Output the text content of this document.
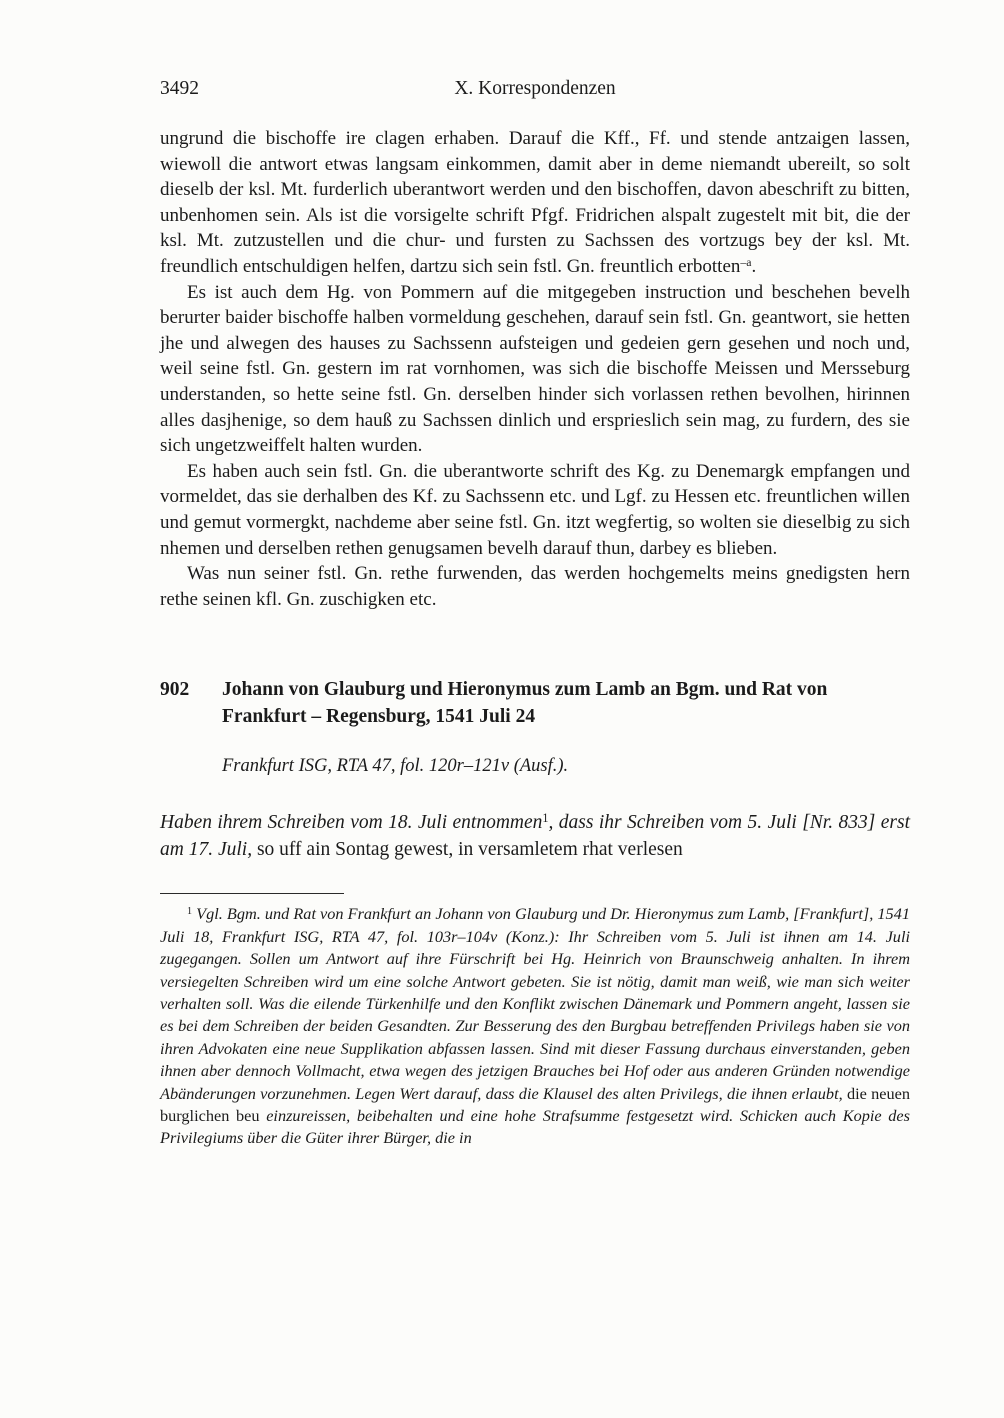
3492	X. Korrespondenzen

ungrund die bischoffe ire clagen erhaben. Darauf die Kff., Ff. und stende antzaigen lassen, wiewoll die antwort etwas langsam einkommen, damit aber in deme niemandt ubereilt, so solt dieselb der ksl. Mt. furderlich uberantwort werden und den bischoffen, davon abeschrift zu bitten, unbenhomen sein. Als ist die vorsigelte schrift Pfgf. Fridrichen alspalt zugestelt mit bit, die der ksl. Mt. zutzustellen und die chur- und fursten zu Sachssen des vortzugs bey der ksl. Mt. freundlich entschuldigen helfen, dartzu sich sein fstl. Gn. freuntlich erbotten$^{-a}$.

Es ist auch dem Hg. von Pommern auf die mitgegeben instruction und beschehen bevelh berurter baider bischoffe halben vormeldung geschehen, darauf sein fstl. Gn. geantwort, sie hetten jhe und alwegen des hauses zu Sachssenn aufsteigen und gedeien gern gesehen und noch und, weil seine fstl. Gn. gestern im rat vornhomen, was sich die bischoffe Meissen und Mersseburg understanden, so hette seine fstl. Gn. derselben hinder sich vorlassen rethen bevolhen, hirinnen alles dasjhenige, so dem hauß zu Sachssen dinlich und ersprieslich sein mag, zu furdern, des sie sich ungetzweiffelt halten wurden.

Es haben auch sein fstl. Gn. die uberantworte schrift des Kg. zu Denemargk empfangen und vormeldet, das sie derhalben des Kf. zu Sachssenn etc. und Lgf. zu Hessen etc. freuntlichen willen und gemut vormergkt, nachdeme aber seine fstl. Gn. itzt wegfertig, so wolten sie dieselbig zu sich nhemen und derselben rethen genugsamen bevelh darauf thun, darbey es blieben.

Was nun seiner fstl. Gn. rethe furwenden, das werden hochgemelts meins gnedigsten hern rethe seinen kfl. Gn. zuschigken etc.

902 Johann von Glauburg und Hieronymus zum Lamb an Bgm. und Rat von Frankfurt – Regensburg, 1541 Juli 24

Frankfurt ISG, RTA 47, fol. 120r–121v (Ausf.).

Haben ihrem Schreiben vom 18. Juli entnommen$^1$, dass ihr Schreiben vom 5. Juli [Nr. 833] erst am 17. Juli, so uff ain Sontag gewest, in versamletem rhat verlesen

$^1$ Vgl. Bgm. und Rat von Frankfurt an Johann von Glauburg und Dr. Hieronymus zum Lamb, [Frankfurt], 1541 Juli 18, Frankfurt ISG, RTA 47, fol. 103r–104v (Konz.): Ihr Schreiben vom 5. Juli ist ihnen am 14. Juli zugegangen. Sollen um Antwort auf ihre Fürschrift bei Hg. Heinrich von Braunschweig anhalten. In ihrem versiegelten Schreiben wird um eine solche Antwort gebeten. Sie ist nötig, damit man weiß, wie man sich weiter verhalten soll. Was die eilende Türkenhilfe und den Konflikt zwischen Dänemark und Pommern angeht, lassen sie es bei dem Schreiben der beiden Gesandten. Zur Besserung des den Burgbau betreffenden Privilegs haben sie von ihren Advokaten eine neue Supplikation abfassen lassen. Sind mit dieser Fassung durchaus einverstanden, geben ihnen aber dennoch Vollmacht, etwa wegen des jetzigen Brauches bei Hof oder aus anderen Gründen notwendige Abänderungen vorzunehmen. Legen Wert darauf, dass die Klausel des alten Privilegs, die ihnen erlaubt, die neuen burglichen beu einzureissen, beibehalten und eine hohe Strafsumme festgesetzt wird. Schicken auch Kopie des Privilegiums über die Güter ihrer Bürger, die in
